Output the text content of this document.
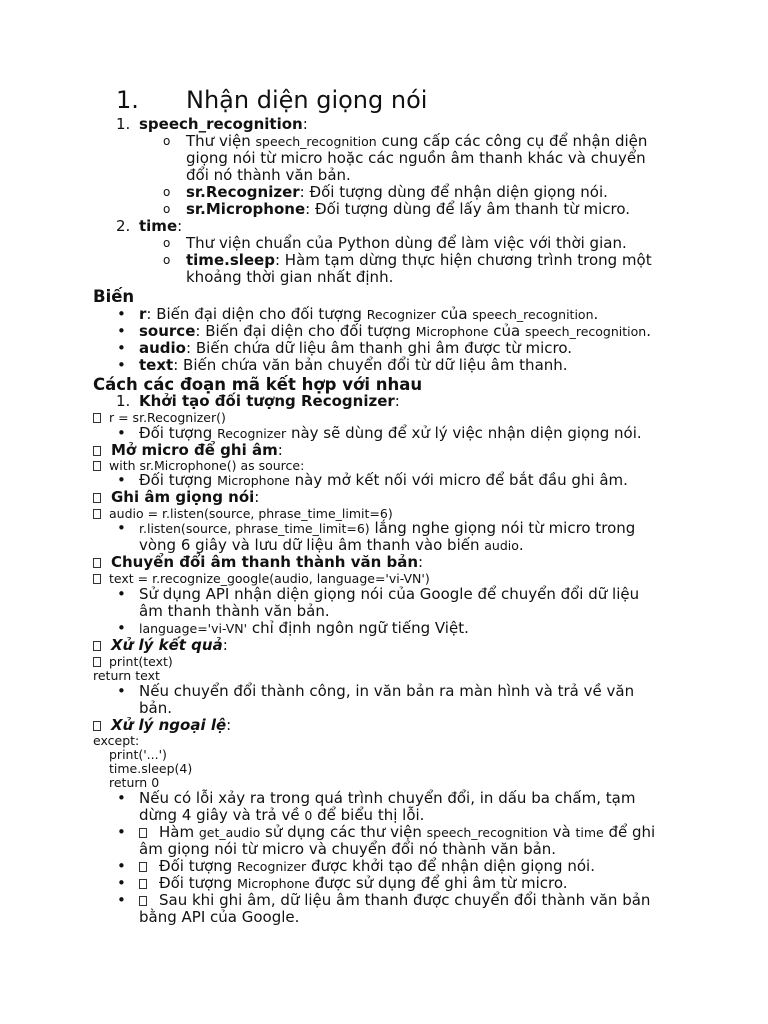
1. Nhận diện giọng nói
1. speech_recognition:
o Thư viện speech_recognition cung cấp các công cụ để nhận diện
giọng nói từ micro hoặc các nguồn âm thanh khác và chuyển
đổi nó thành văn bản.
o sr.Recognizer: Đối tượng dùng để nhận diện giọng nói.
o sr.Microphone: Đối tượng dùng để lấy âm thanh từ micro.
2. time:
o Thư viện chuẩn của Python dùng để làm việc với thời gian.
o time.sleep: Hàm tạm dừng thực hiện chương trình trong một
khoảng thời gian nhất định.
Biến
• r: Biến đại diện cho đối tượng Recognizer của speech_recognition.
• source: Biến đại diện cho đối tượng Microphone của speech_recognition.
• audio: Biến chứa dữ liệu âm thanh ghi âm được từ micro.
• text: Biến chứa văn bản chuyển đổi từ dữ liệu âm thanh.
Cách các đoạn mã kết hợp với nhau
1. Khởi tạo đối tượng Recognizer:
r = sr.Recognizer()
• Đối tượng Recognizer này sẽ dùng để xử lý việc nhận diện giọng nói.
Mở micro để ghi âm:
with sr.Microphone() as source:
• Đối tượng Microphone này mở kết nối với micro để bắt đầu ghi âm.
Ghi âm giọng nói:
audio = r.listen(source, phrase_time_limit=6)
• r.listen(source, phrase_time_limit=6) lắng nghe giọng nói từ micro trong
vòng 6 giây và lưu dữ liệu âm thanh vào biến audio.
Chuyển đổi âm thanh thành văn bản:
text = r.recognize_google(audio, language='vi-VN')
• Sử dụng API nhận diện giọng nói của Google để chuyển đổi dữ liệu
âm thanh thành văn bản.
• language='vi-VN' chỉ định ngôn ngữ tiếng Việt.
Xử lý kết quả:
print(text)
return text
• Nếu chuyển đổi thành công, in văn bản ra màn hình và trả về văn
bản.
Xử lý ngoại lệ:
except:
print('...')
time.sleep(4)
return 0
• Nếu có lỗi xảy ra trong quá trình chuyển đổi, in dấu ba chấm, tạm
dừng 4 giây và trả về 0 để biểu thị lỗi.
• Hàm get_audio sử dụng các thư viện speech_recognition và time để ghi
âm giọng nói từ micro và chuyển đổi nó thành văn bản.
• Đối tượng Recognizer được khởi tạo để nhận diện giọng nói.
• Đối tượng Microphone được sử dụng để ghi âm từ micro.
• Sau khi ghi âm, dữ liệu âm thanh được chuyển đổi thành văn bản
bằng API của Google.
